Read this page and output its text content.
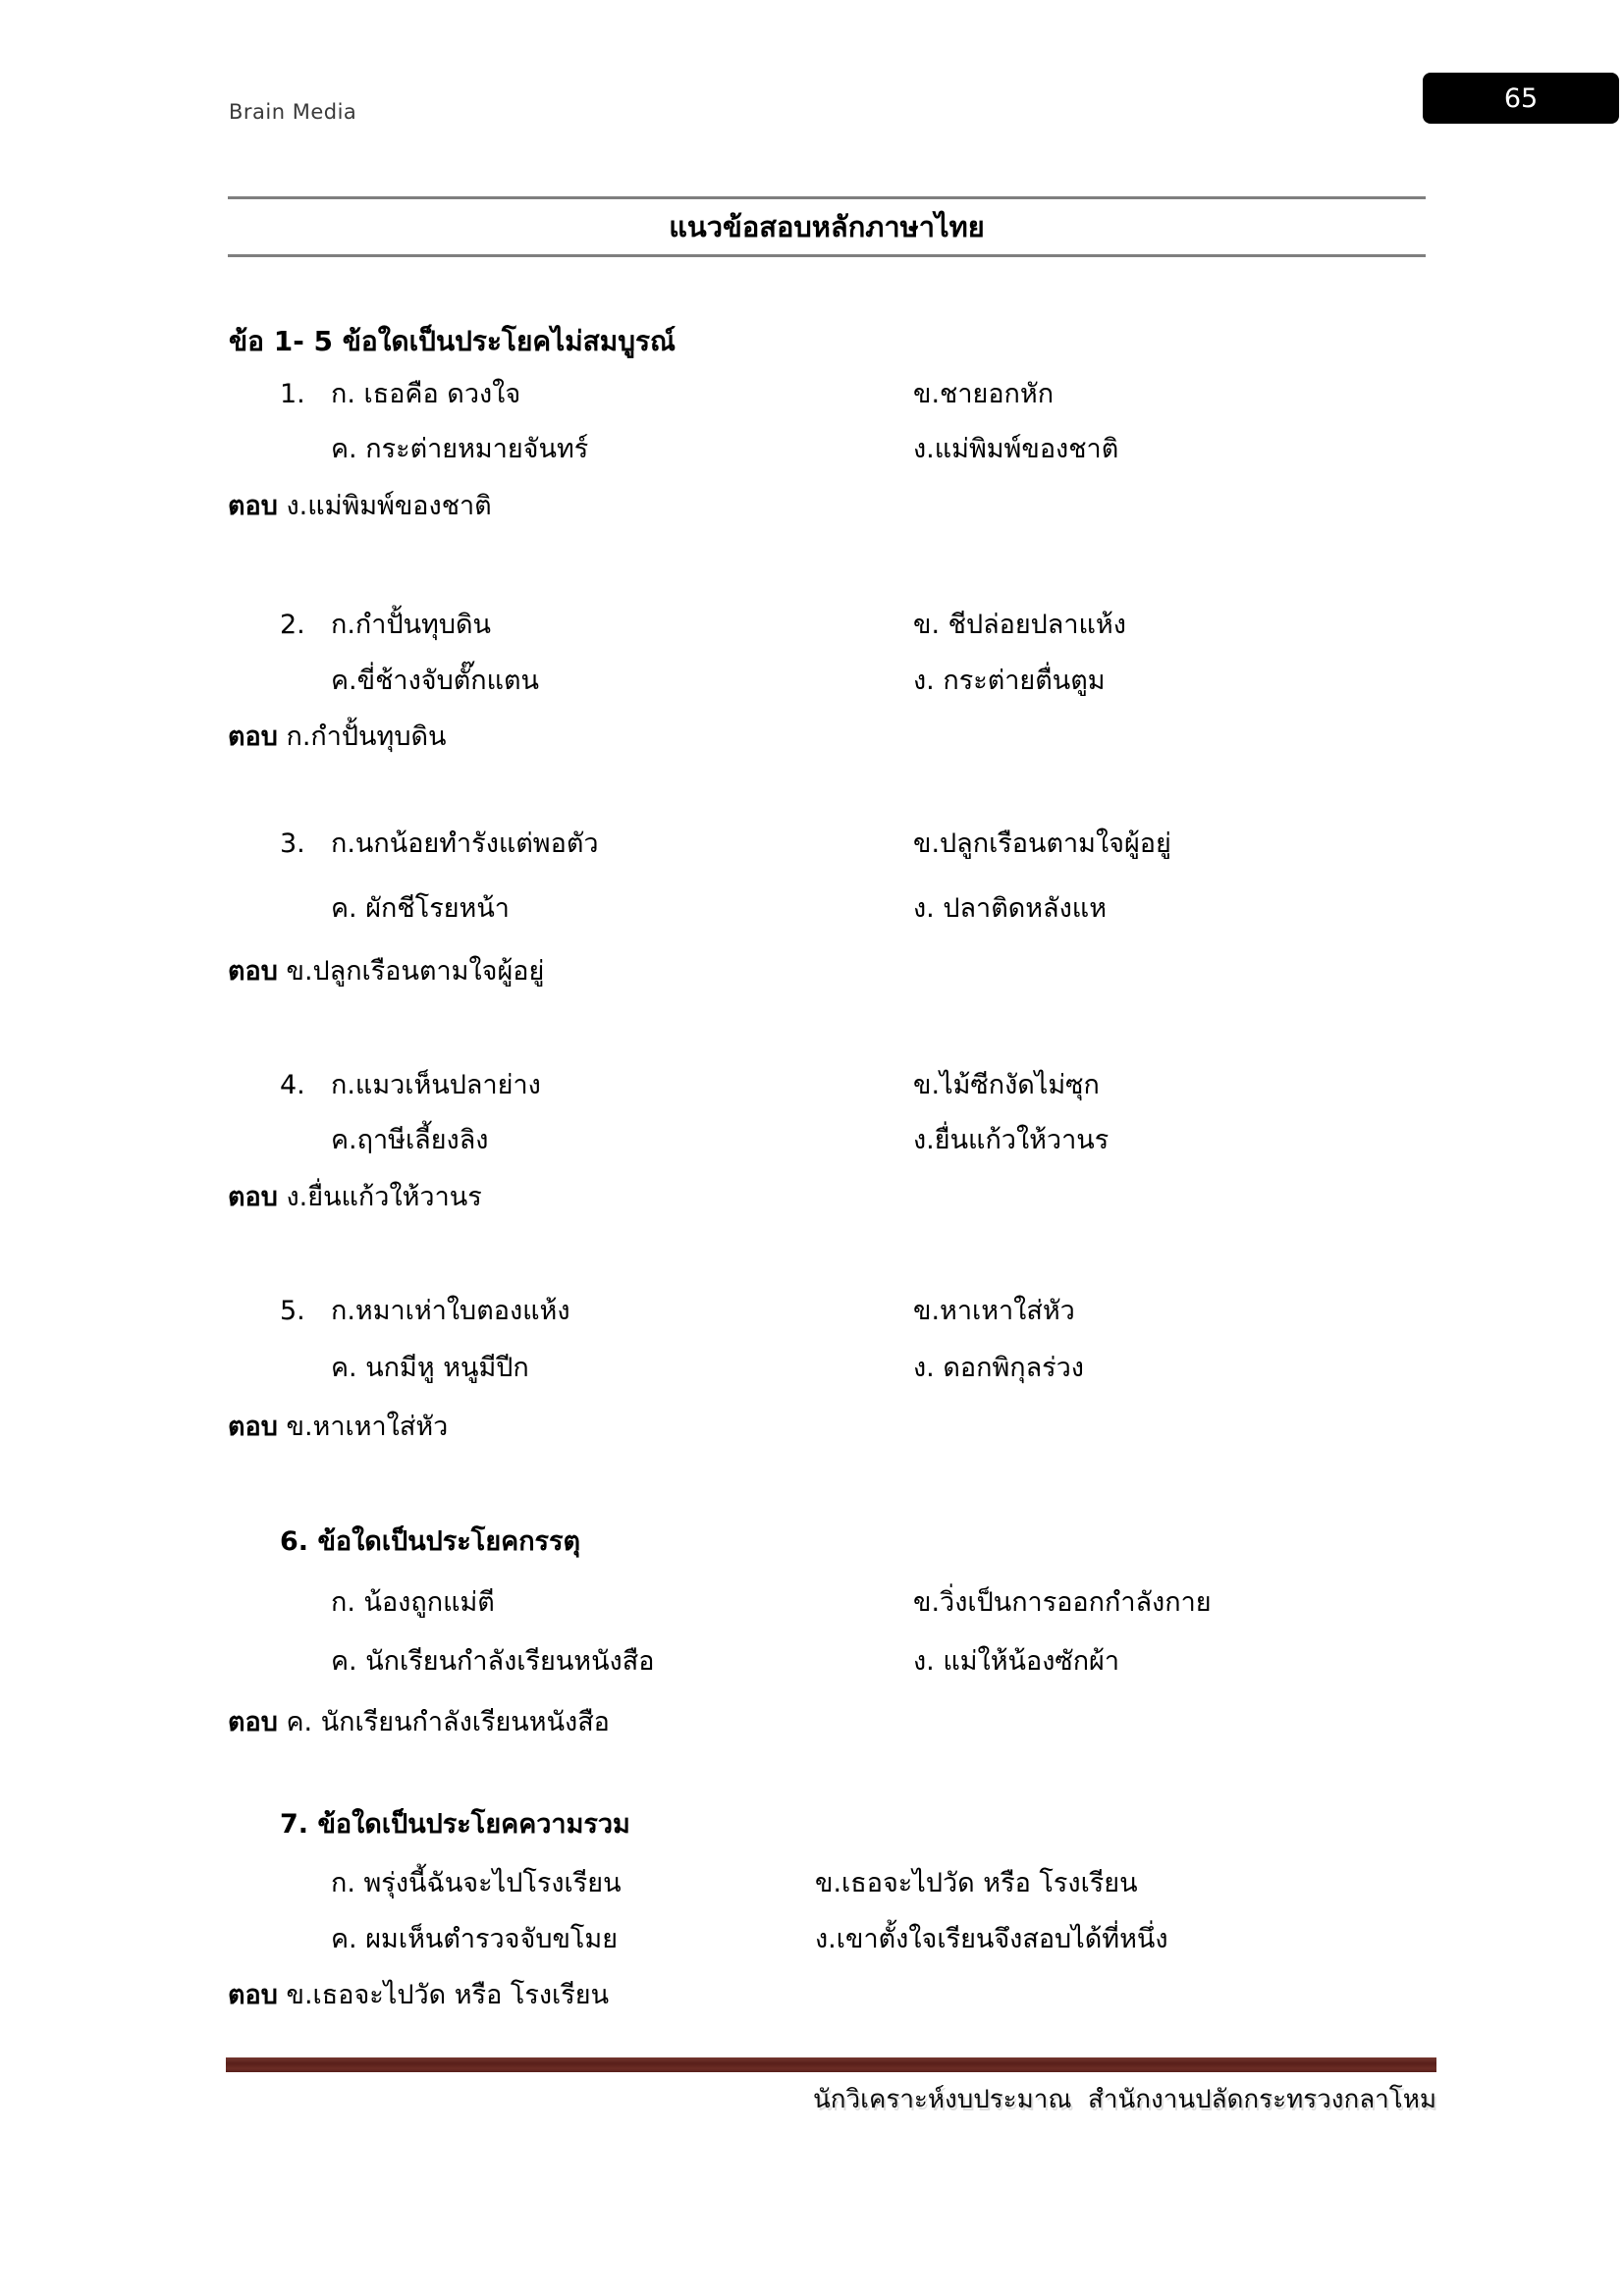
Brain Media	65
แนวข้อสอบหลักภาษาไทย
ข้อ 1- 5 ข้อใดเป็นประโยคไม่สมบูรณ์
1. ก. เธอคือ ดวงใจ	ข.ชายอกหัก
ค. กระต่ายหมายจันทร์	ง.แม่พิมพ์ของชาติ
ตอบ ง.แม่พิมพ์ของชาติ
2. ก.กำปั้นทุบดิน	ข. ชีปล่อยปลาแห้ง
ค.ขี่ช้างจับตั๊กแตน	ง. กระต่ายตื่นตูม
ตอบ ก.กำปั้นทุบดิน
3. ก.นกน้อยทำรังแต่พอตัว	ข.ปลูกเรือนตามใจผู้อยู่
ค. ผักชีโรยหน้า	ง. ปลาติดหลังแห
ตอบ ข.ปลูกเรือนตามใจผู้อยู่
4. ก.แมวเห็นปลาย่าง	ข.ไม้ซีกงัดไม่ซุก
ค.ฤาษีเลี้ยงลิง	ง.ยื่นแก้วให้วานร
ตอบ ง.ยื่นแก้วให้วานร
5. ก.หมาเห่าใบตองแห้ง	ข.หาเหาใส่หัว
ค. นกมีหู หนูมีปีก	ง. ดอกพิกุลร่วง
ตอบ ข.หาเหาใส่หัว
6. ข้อใดเป็นประโยคกรรตุ
ก. น้องถูกแม่ตี	ข.วิ่งเป็นการออกกำลังกาย
ค. นักเรียนกำลังเรียนหนังสือ	ง. แม่ให้น้องซักผ้า
ตอบ ค. นักเรียนกำลังเรียนหนังสือ
7. ข้อใดเป็นประโยคความรวม
ก. พรุ่งนี้ฉันจะไปโรงเรียน	ข.เธอจะไปวัด หรือ โรงเรียน
ค. ผมเห็นตำรวจจับขโมย	ง.เขาตั้งใจเรียนจึงสอบได้ที่หนึ่ง
ตอบ ข.เธอจะไปวัด หรือ โรงเรียน
นักวิเคราะห์งบประมาณ  สำนักงานปลัดกระทรวงกลาโหม
